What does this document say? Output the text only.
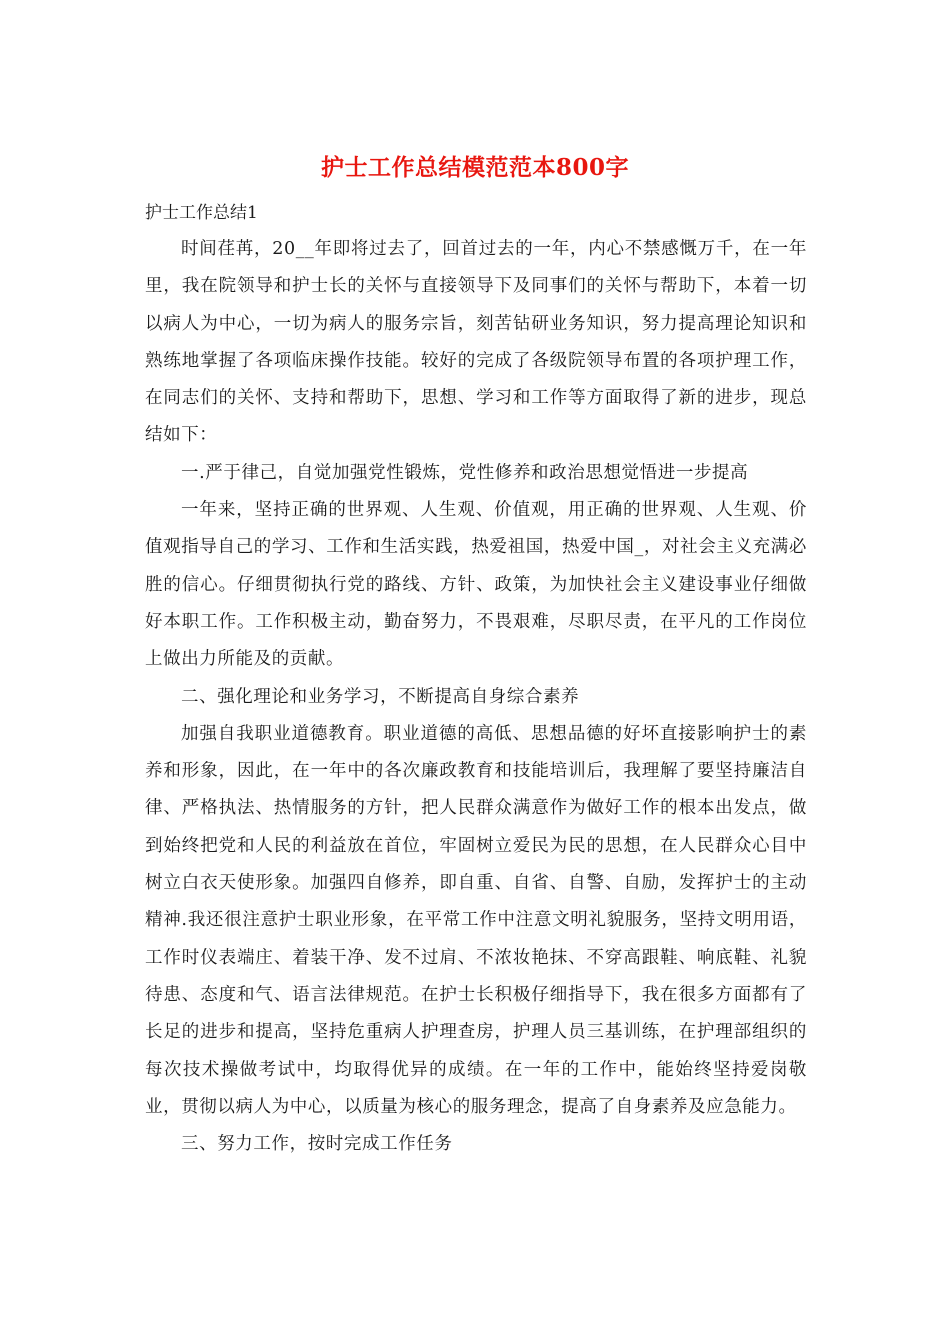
护士工作总结模范范本800字
护士工作总结1

时间荏苒，20__年即将过去了，回首过去的一年，内心不禁感慨万千，在一年里，我在院领导和护士长的关怀与直接领导下及同事们的关怀与帮助下，本着一切以病人为中心，一切为病人的服务宗旨，刻苦钻研业务知识，努力提高理论知识和熟练地掌握了各项临床操作技能。较好的完成了各级院领导布置的各项护理工作，在同志们的关怀、支持和帮助下，思想、学习和工作等方面取得了新的进步，现总结如下：

一.严于律己，自觉加强党性锻炼，党性修养和政治思想觉悟进一步提高

一年来，坚持正确的世界观、人生观、价值观，用正确的世界观、人生观、价值观指导自己的学习、工作和生活实践，热爱祖国，热爱中国_，对社会主义充满必胜的信心。仔细贯彻执行党的路线、方针、政策，为加快社会主义建设事业仔细做好本职工作。工作积极主动，勤奋努力，不畏艰难，尽职尽责，在平凡的工作岗位上做出力所能及的贡献。

二、强化理论和业务学习，不断提高自身综合素养

加强自我职业道德教育。职业道德的高低、思想品德的好坏直接影响护士的素养和形象，因此，在一年中的各次廉政教育和技能培训后，我理解了要坚持廉洁自律、严格执法、热情服务的方针，把人民群众满意作为做好工作的根本出发点，做到始终把党和人民的利益放在首位，牢固树立爱民为民的思想，在人民群众心目中树立白衣天使形象。加强四自修养，即自重、自省、自警、自励，发挥护士的主动精神.我还很注意护士职业形象，在平常工作中注意文明礼貌服务，坚持文明用语，工作时仪表端庄、着装干净、发不过肩、不浓妆艳抹、不穿高跟鞋、响底鞋、礼貌待患、态度和气、语言法律规范。在护士长积极仔细指导下，我在很多方面都有了长足的进步和提高，坚持危重病人护理查房，护理人员三基训练，在护理部组织的每次技术操做考试中，均取得优异的成绩。在一年的工作中，能始终坚持爱岗敬业，贯彻以病人为中心，以质量为核心的服务理念，提高了自身素养及应急能力。

三、努力工作，按时完成工作任务
